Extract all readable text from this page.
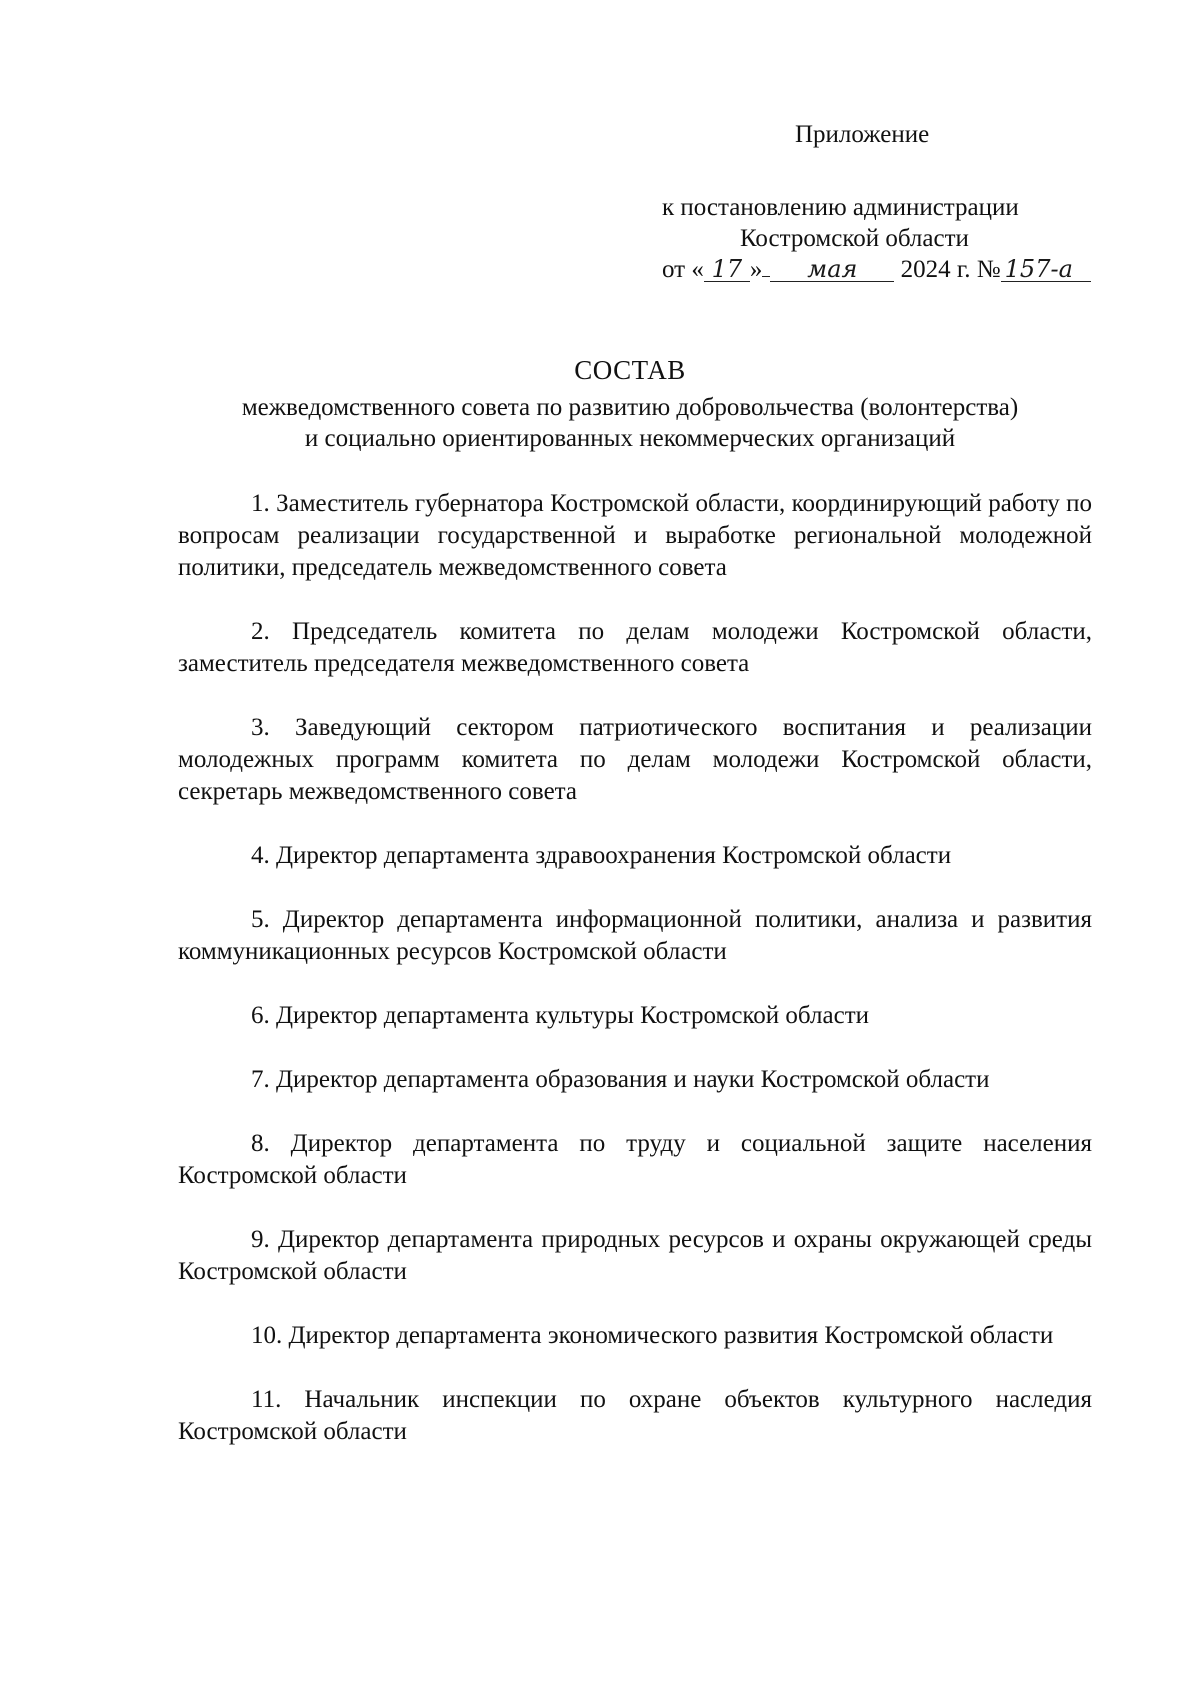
Приложение
к постановлению администрации
Костромской области
от « 17 » мая 2024 г. № 157-а
СОСТАВ
межведомственного совета по развитию добровольчества (волонтерства)
и социально ориентированных некоммерческих организаций

1. Заместитель губернатора Костромской области, координирующий работу по вопросам реализации государственной и выработке региональной молодежной политики, председатель межведомственного совета

2. Председатель комитета по делам молодежи Костромской области, заместитель председателя межведомственного совета

3. Заведующий сектором патриотического воспитания и реализации молодежных программ комитета по делам молодежи Костромской области, секретарь межведомственного совета

4. Директор департамента здравоохранения Костромской области

5. Директор департамента информационной политики, анализа и развития коммуникационных ресурсов Костромской области

6. Директор департамента культуры Костромской области

7. Директор департамента образования и науки Костромской области

8. Директор департамента по труду и социальной защите населения Костромской области

9. Директор департамента природных ресурсов и охраны окружающей среды Костромской области

10. Директор департамента экономического развития Костромской области

11. Начальник инспекции по охране объектов культурного наследия Костромской области
